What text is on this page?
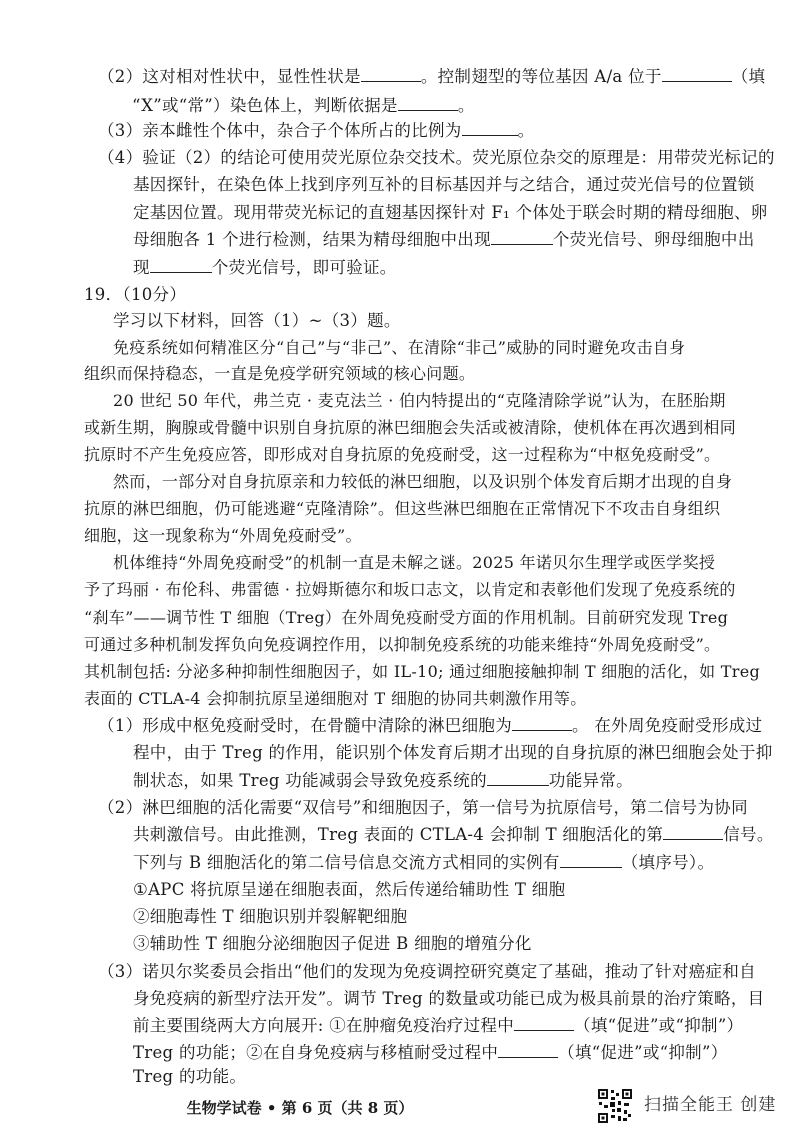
（2）这对相对性状中，显性性状是	。控制翅型的等位基因 A/a 位于	（填
“X”或“常”）染色体上，判断依据是	。
（3）亲本雌性个体中，杂合子个体所占的比例为	。
（4）验证（2）的结论可使用荧光原位杂交技术。荧光原位杂交的原理是：用带荧光标记的
基因探针，在染色体上找到序列互补的目标基因并与之结合，通过荧光信号的位置锁
定基因位置。现用带荧光标记的直翅基因探针对 F₁ 个体处于联会时期的精母细胞、卵
母细胞各 1 个进行检测，结果为精母细胞中出现	个荧光信号、卵母细胞中出
现	个荧光信号，即可验证。
19．（10分）
学习以下材料，回答（1）~（3）题。
免疫系统如何精准区分“自己”与“非己”、在清除“非己”威胁的同时避免攻击自身
组织而保持稳态，一直是免疫学研究领域的核心问题。
20 世纪 50 年代，弗兰克 · 麦克法兰 · 伯内特提出的“克隆清除学说”认为，在胚胎期
或新生期，胸腺或骨髓中识别自身抗原的淋巴细胞会失活或被清除，使机体在再次遇到相同
抗原时不产生免疫应答，即形成对自身抗原的免疫耐受，这一过程称为“中枢免疫耐受”。
然而，一部分对自身抗原亲和力较低的淋巴细胞，以及识别个体发育后期才出现的自身
抗原的淋巴细胞，仍可能逃避“克隆清除”。但这些淋巴细胞在正常情况下不攻击自身组织
细胞，这一现象称为“外周免疫耐受”。
机体维持“外周免疫耐受”的机制一直是未解之谜。2025 年诺贝尔生理学或医学奖授
予了玛丽 · 布伦科、弗雷德 · 拉姆斯德尔和坂口志文，以肯定和表彰他们发现了免疫系统的
“刹车”——调节性 T 细胞（Treg）在外周免疫耐受方面的作用机制。目前研究发现 Treg
可通过多种机制发挥负向免疫调控作用，以抑制免疫系统的功能来维持“外周免疫耐受”。
其机制包括: 分泌多种抑制性细胞因子，如 IL-10; 通过细胞接触抑制 T 细胞的活化，如 Treg
表面的 CTLA-4 会抑制抗原呈递细胞对 T 细胞的协同共刺激作用等。
（1）形成中枢免疫耐受时，在骨髓中清除的淋巴细胞为	。 在外周免疫耐受形成过
程中，由于 Treg 的作用，能识别个体发育后期才出现的自身抗原的淋巴细胞会处于抑
制状态，如果 Treg 功能减弱会导致免疫系统的	功能异常。
（2）淋巴细胞的活化需要“双信号”和细胞因子，第一信号为抗原信号，第二信号为协同
共刺激信号。由此推测，Treg 表面的 CTLA-4 会抑制 T 细胞活化的第	信号。
下列与 B 细胞活化的第二信号信息交流方式相同的实例有	（填序号）。
①APC 将抗原呈递在细胞表面，然后传递给辅助性 T 细胞
②细胞毒性 T 细胞识别并裂解靶细胞
③辅助性 T 细胞分泌细胞因子促进 B 细胞的增殖分化
（3）诺贝尔奖委员会指出“他们的发现为免疫调控研究奠定了基础，推动了针对癌症和自
身免疫病的新型疗法开发”。调节 Treg 的数量或功能已成为极具前景的治疗策略，目
前主要围绕两大方向展开: ①在肿瘤免疫治疗过程中	（填“促进”或“抑制”）
Treg 的功能；②在自身免疫病与移植耐受过程中	（填“促进”或“抑制”）
Treg 的功能。
生物学试卷 • 第 6 页（共 8 页）	扫描全能王 创建
